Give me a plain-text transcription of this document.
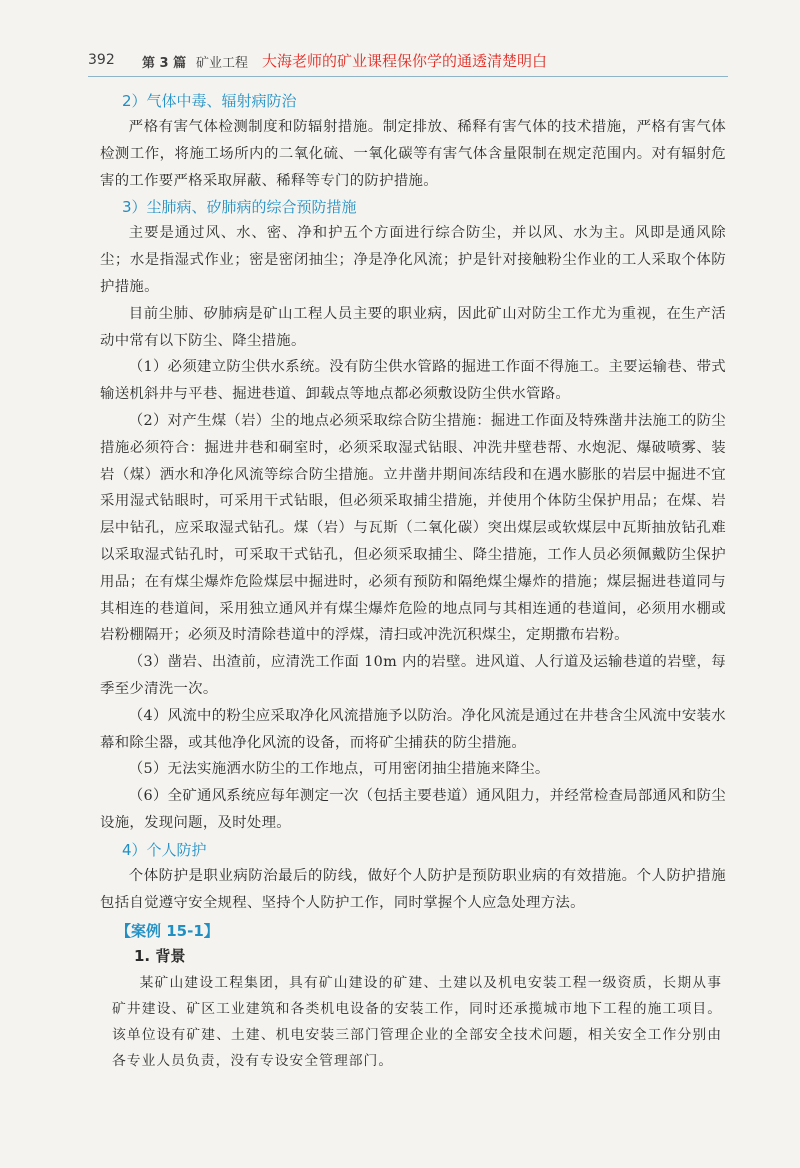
392 第 3 篇 矿业工程 大海老师的矿业课程保你学的通透清楚明白
2）气体中毒、辐射病防治

严格有害气体检测制度和防辐射措施。制定排放、稀释有害气体的技术措施，严格有害气体检测工作，将施工场所内的二氧化硫、一氧化碳等有害气体含量限制在规定范围内。对有辐射危害的工作要严格采取屏蔽、稀释等专门的防护措施。

3）尘肺病、矽肺病的综合预防措施

主要是通过风、水、密、净和护五个方面进行综合防尘，并以风、水为主。风即是通风除尘；水是指湿式作业；密是密闭抽尘；净是净化风流；护是针对接触粉尘作业的工人采取个体防护措施。

目前尘肺、矽肺病是矿山工程人员主要的职业病，因此矿山对防尘工作尤为重视，在生产活动中常有以下防尘、降尘措施。

（1）必须建立防尘供水系统。没有防尘供水管路的掘进工作面不得施工。主要运输巷、带式输送机斜井与平巷、掘进巷道、卸载点等地点都必须敷设防尘供水管路。

（2）对产生煤（岩）尘的地点必须采取综合防尘措施：掘进工作面及特殊凿井法施工的防尘措施必须符合：掘进井巷和硐室时，必须采取湿式钻眼、冲洗井壁巷帮、水炮泥、爆破喷雾、装岩（煤）洒水和净化风流等综合防尘措施。立井凿井期间冻结段和在遇水膨胀的岩层中掘进不宜采用湿式钻眼时，可采用干式钻眼，但必须采取捕尘措施，并使用个体防尘保护用品；在煤、岩层中钻孔，应采取湿式钻孔。煤（岩）与瓦斯（二氧化碳）突出煤层或软煤层中瓦斯抽放钻孔难以采取湿式钻孔时，可采取干式钻孔，但必须采取捕尘、降尘措施，工作人员必须佩戴防尘保护用品；在有煤尘爆炸危险煤层中掘进时，必须有预防和隔绝煤尘爆炸的措施；煤层掘进巷道同与其相连的巷道间，采用独立通风并有煤尘爆炸危险的地点同与其相连通的巷道间，必须用水棚或岩粉棚隔开；必须及时清除巷道中的浮煤，清扫或冲洗沉积煤尘，定期撒布岩粉。

（3）凿岩、出渣前，应清洗工作面 10m 内的岩壁。进风道、人行道及运输巷道的岩壁，每季至少清洗一次。

（4）风流中的粉尘应采取净化风流措施予以防治。净化风流是通过在井巷含尘风流中安装水幕和除尘器，或其他净化风流的设备，而将矿尘捕获的防尘措施。

（5）无法实施洒水防尘的工作地点，可用密闭抽尘措施来降尘。

（6）全矿通风系统应每年测定一次（包括主要巷道）通风阻力，并经常检查局部通风和防尘设施，发现问题，及时处理。

4）个人防护

个体防护是职业病防治最后的防线，做好个人防护是预防职业病的有效措施。个人防护措施包括自觉遵守安全规程、坚持个人防护工作，同时掌握个人应急处理方法。

【案例 15-1】
1. 背景

某矿山建设工程集团，具有矿山建设的矿建、土建以及机电安装工程一级资质，长期从事矿井建设、矿区工业建筑和各类机电设备的安装工作，同时还承揽城市地下工程的施工项目。该单位设有矿建、土建、机电安装三部门管理企业的全部安全技术问题，相关安全工作分别由各专业人员负责，没有专设安全管理部门。
